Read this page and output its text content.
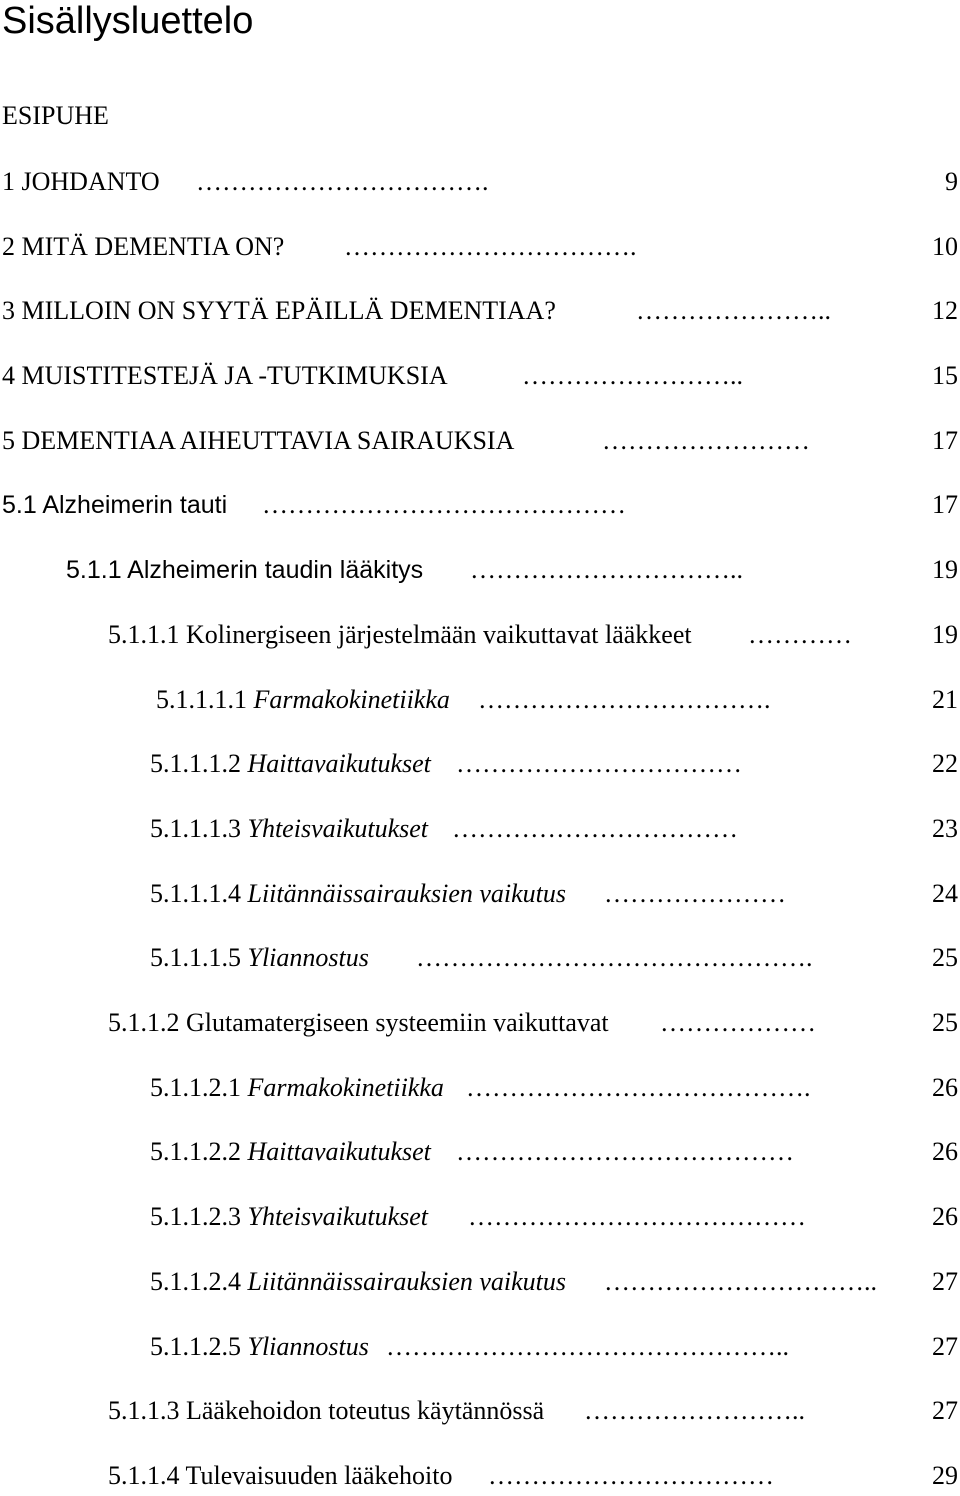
Sisällysluettelo
ESIPUHE
1 JOHDANTO …………………………….	9
2 MITÄ DEMENTIA ON? …………………………….	10
3 MILLOIN ON SYYTÄ EPÄILLÄ DEMENTIAA?	…………………..	12
4 MUISTITESTEJÄ JA -TUTKIMUKSIA	……………………..	15
5 DEMENTIAA AIHEUTTAVIA SAIRAUKSIA	……………………	17
5.1 Alzheimerin tauti ……………………………………	17
5.1.1 Alzheimerin taudin lääkitys …………………………..	19
5.1.1.1 Kolinergiseen järjestelmään vaikuttavat lääkkeet …………	19
5.1.1.1.1 Farmakokinetiikka …………………………….	21
5.1.1.1.2 Haittavaikutukset ……………………………	22
5.1.1.1.3 Yhteisvaikutukset ……………………………	23
5.1.1.1.4 Liitännäissairauksien vaikutus …………………	24
5.1.1.1.5 Yliannostus ……………………………………….	25
5.1.1.2 Glutamatergiseen systeemiin vaikuttavat ………………	25
5.1.1.2.1 Farmakokinetiikka ………………………………….	26
5.1.1.2.2 Haittavaikutukset …………………………………	26
5.1.1.2.3 Yhteisvaikutukset …………………………………	26
5.1.1.2.4 Liitännäissairauksien vaikutus …………………………..	27
5.1.1.2.5 Yliannostus ………………………………………..	27
5.1.1.3 Lääkehoidon toteutus käytännössä ……………………..	27
5.1.1.4 Tulevaisuuden lääkehoito ……………………………	29
